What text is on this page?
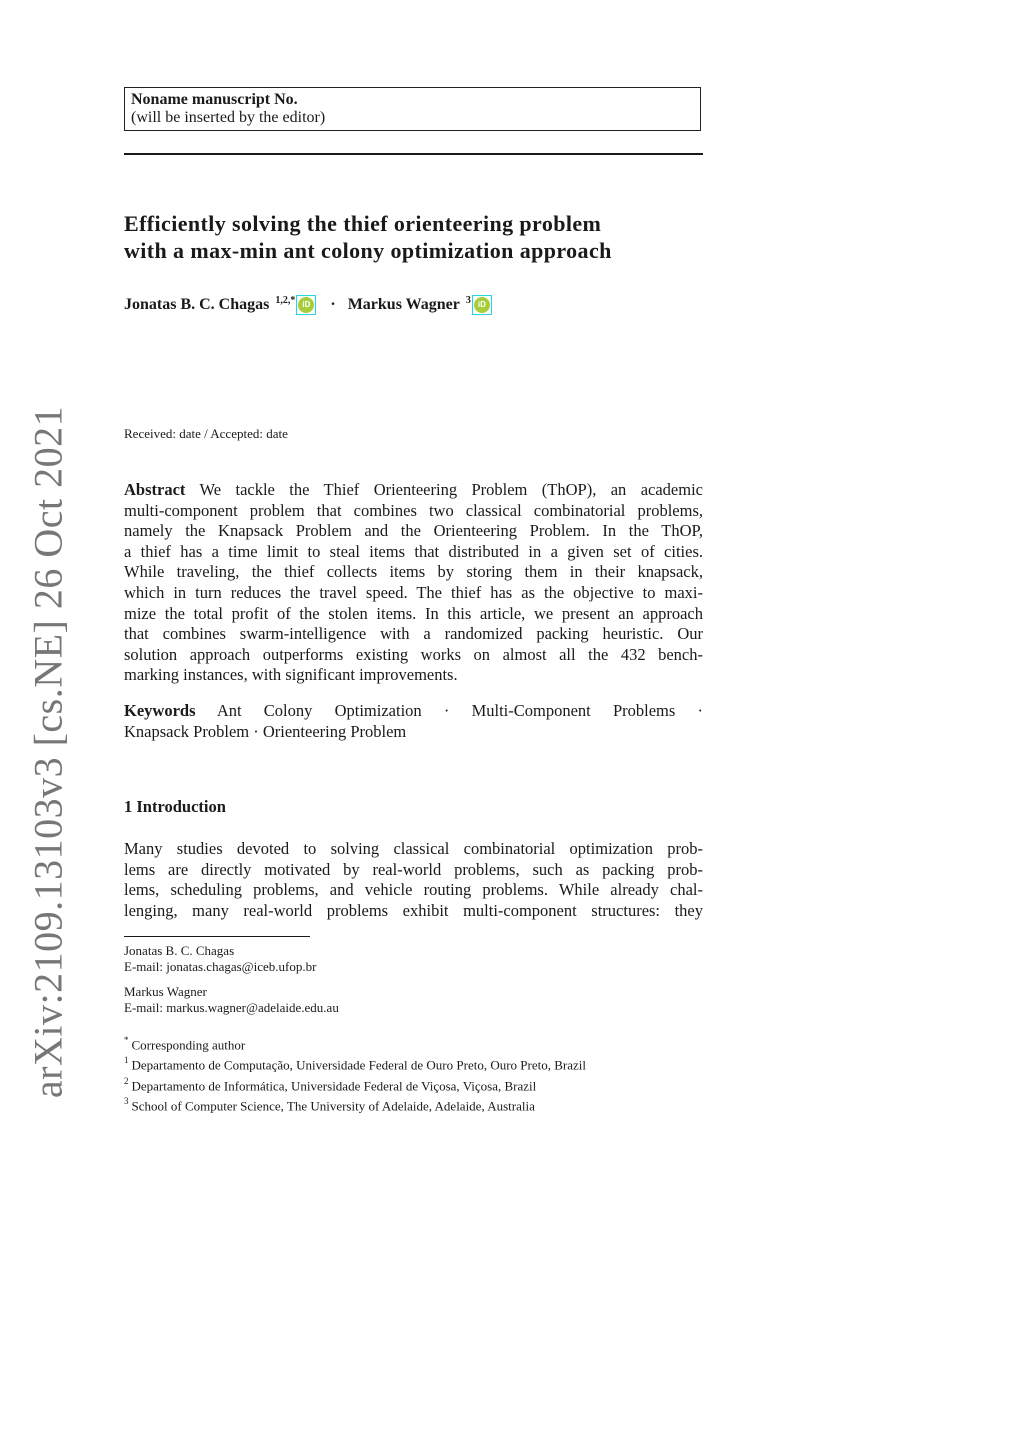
arXiv:2109.13103v3 [cs.NE] 26 Oct 2021
Noname manuscript No.
(will be inserted by the editor)
Efficiently solving the thief orienteering problem
with a max-min ant colony optimization approach
Jonatas B. C. Chagas $^{1,2,*}$ iD · Markus Wagner $^3$ iD
Received: date / Accepted: date
Abstract We tackle the Thief Orienteering Problem (ThOP), an academic
multi-component problem that combines two classical combinatorial problems,
namely the Knapsack Problem and the Orienteering Problem. In the ThOP,
a thief has a time limit to steal items that distributed in a given set of cities.
While traveling, the thief collects items by storing them in their knapsack,
which in turn reduces the travel speed. The thief has as the objective to maxi-
mize the total profit of the stolen items. In this article, we present an approach
that combines swarm-intelligence with a randomized packing heuristic. Our
solution approach outperforms existing works on almost all the 432 bench-
marking instances, with significant improvements.
Keywords Ant Colony Optimization · Multi-Component Problems ·
Knapsack Problem · Orienteering Problem
1 Introduction
Many studies devoted to solving classical combinatorial optimization prob-
lems are directly motivated by real-world problems, such as packing prob-
lems, scheduling problems, and vehicle routing problems. While already chal-
lenging, many real-world problems exhibit multi-component structures: they
Jonatas B. C. Chagas
E-mail: jonatas.chagas@iceb.ufop.br
Markus Wagner
E-mail: markus.wagner@adelaide.edu.au
* Corresponding author
$^1$ Departamento de Computação, Universidade Federal de Ouro Preto, Ouro Preto, Brazil
$^2$ Departamento de Informática, Universidade Federal de Viçosa, Viçosa, Brazil
$^3$ School of Computer Science, The University of Adelaide, Adelaide, Australia
